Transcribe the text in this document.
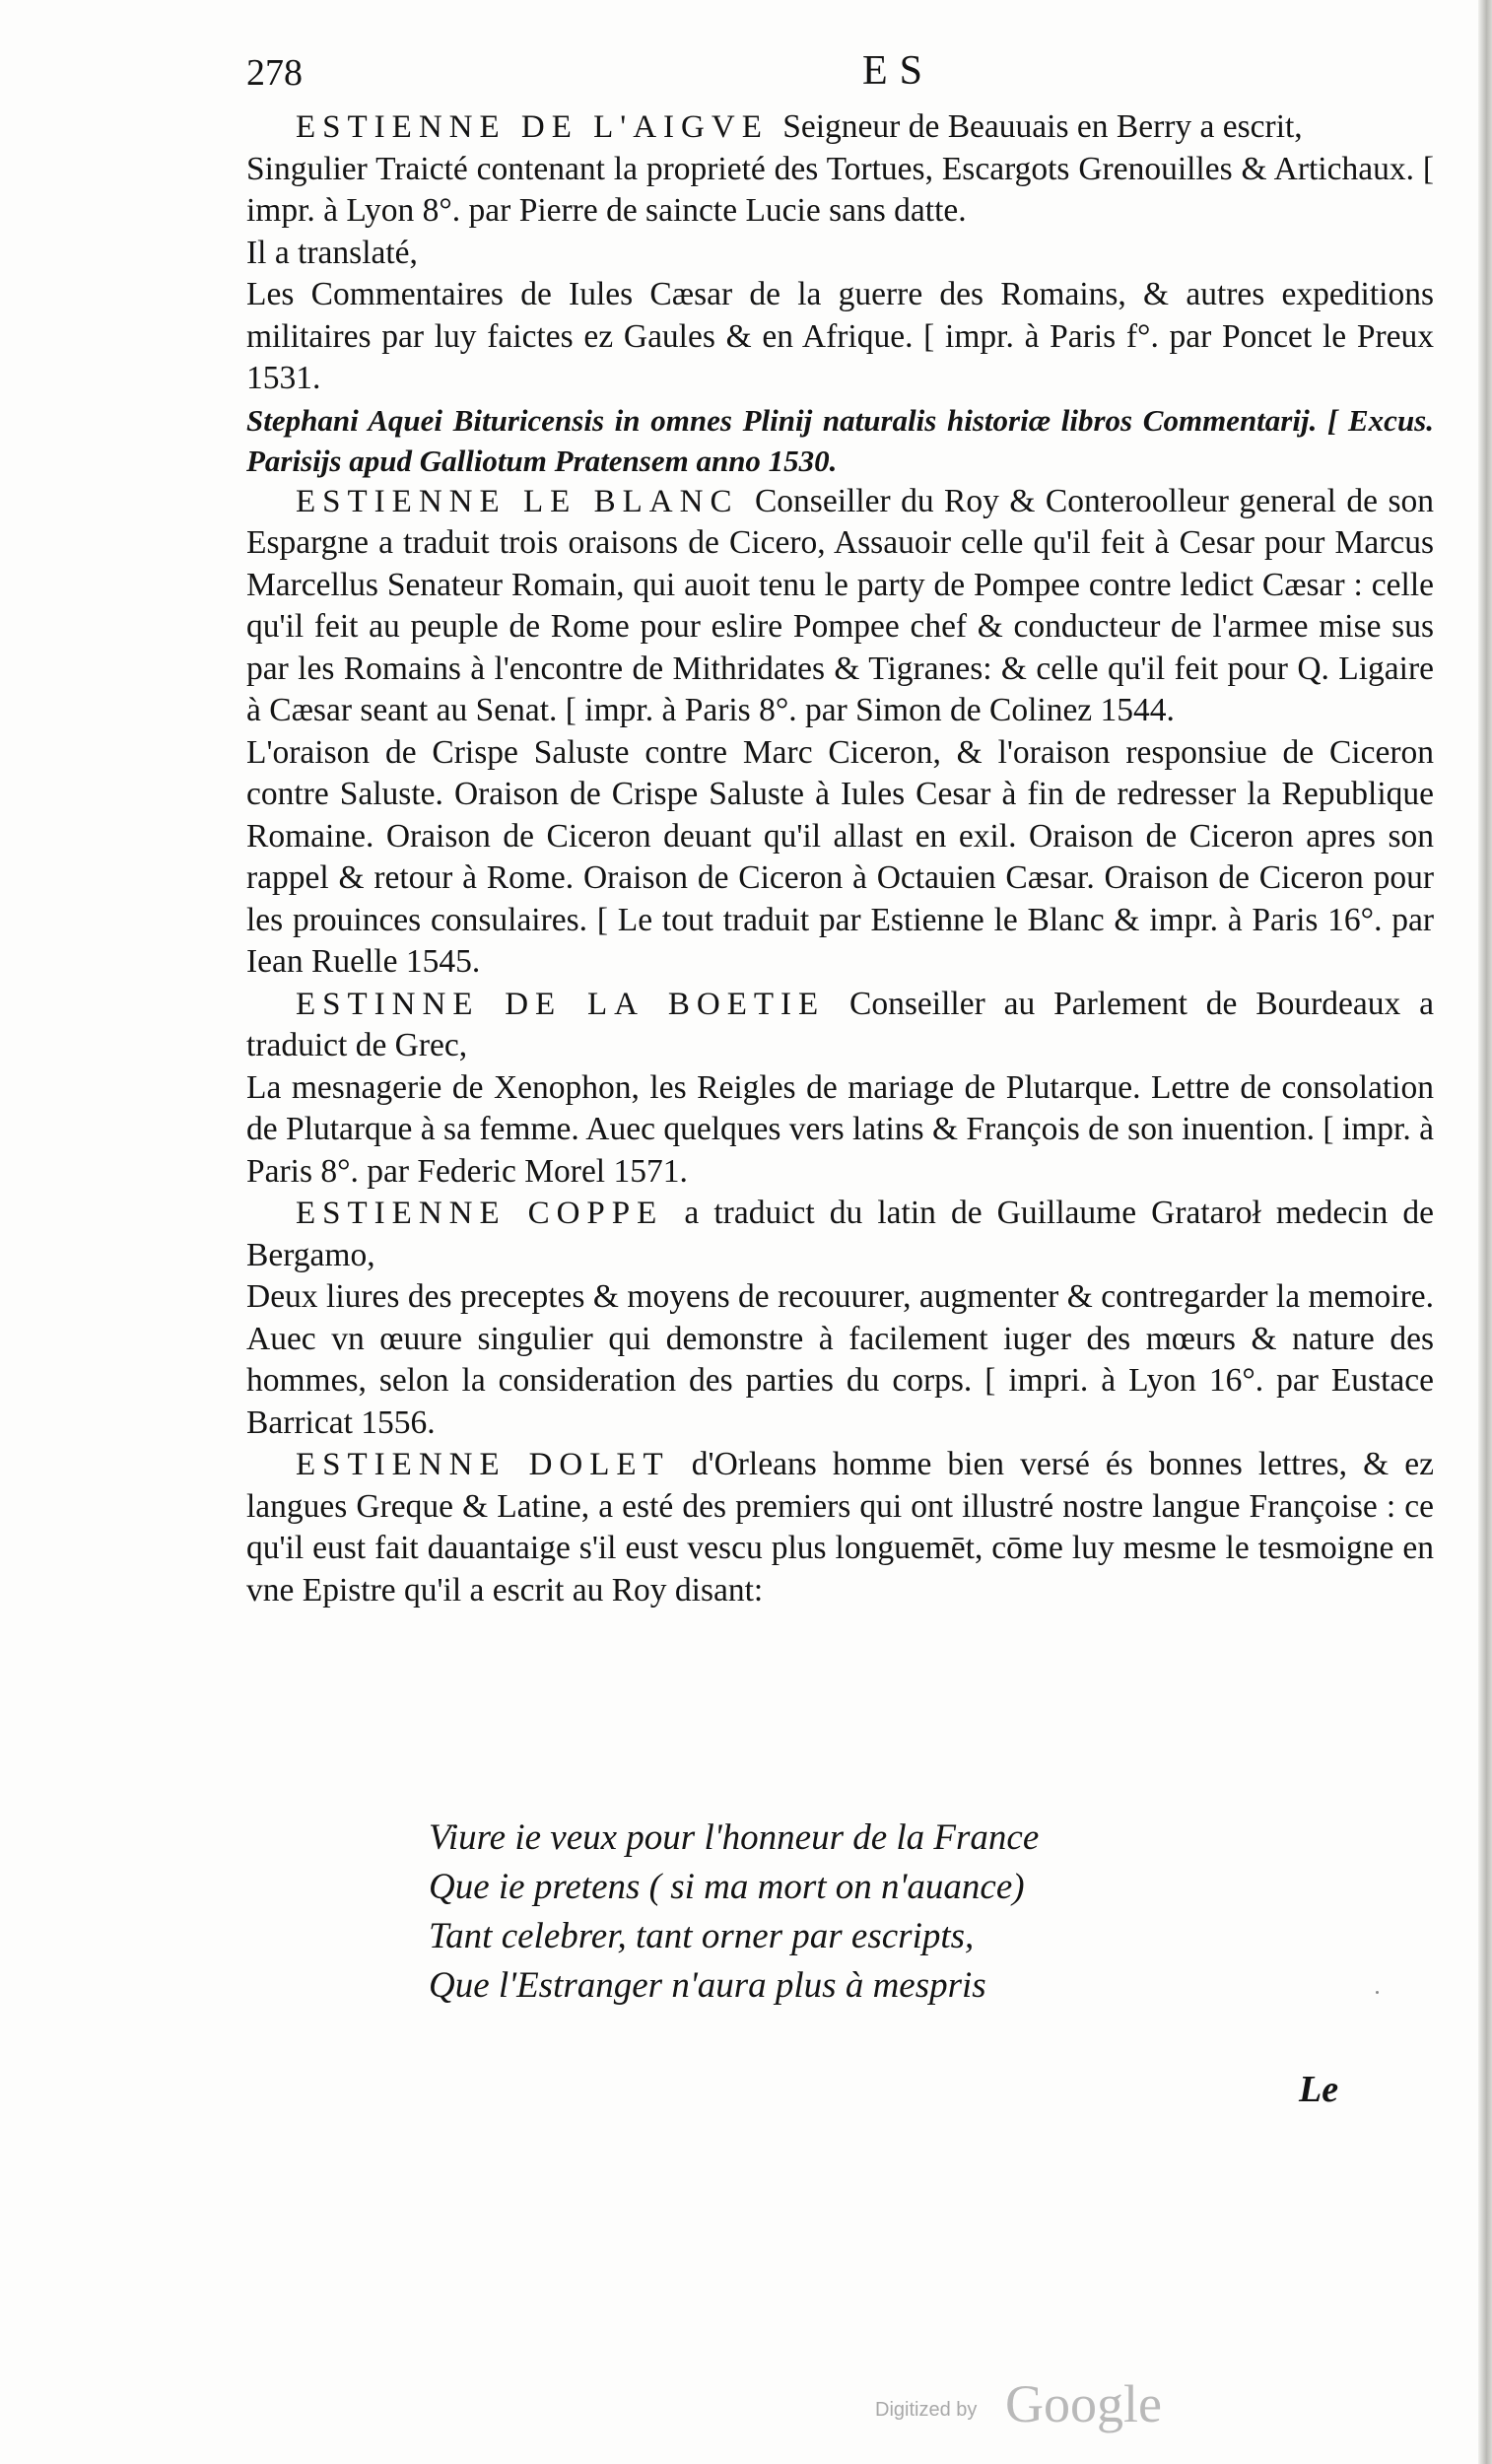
278	ES

ESTIENNE DE L'AIGVE Seigneur de Beauuais en Berry a escrit,

Singulier Traicté contenant la proprieté des Tortues, Escargots Grenouilles & Artichaux. [ impr. à Lyon 8°. par Pierre de saincte Lucie sans datte.

Il a translaté,

Les Commentaires de Iules Cæsar de la guerre des Romains, & autres expeditions militaires par luy faictes ez Gaules & en Afrique. [ impr. à Paris f°. par Poncet le Preux 1531.

Stephani Aquei Bituricensis in omnes Plinij naturalis historiæ libros Commentarij. [ Excus. Parisijs apud Galliotum Pratensem anno 1530.

ESTIENNE LE BLANC Conseiller du Roy & Conteroolleur general de son Espargne a traduit trois oraisons de Cicero, Assauoir celle qu'il feit à Cesar pour Marcus Marcellus Senateur Romain, qui auoit tenu le party de Pompee contre ledict Cæsar : celle qu'il feit au peuple de Rome pour eslire Pompee chef & conducteur de l'armee mise sus par les Romains à l'encontre de Mithridates & Tigranes: & celle qu'il feit pour Q. Ligaire à Cæsar seant au Senat. [ impr. à Paris 8°. par Simon de Colinez 1544.

L'oraison de Crispe Saluste contre Marc Ciceron, & l'oraison responsiue de Ciceron contre Saluste. Oraison de Crispe Saluste à Iules Cesar à fin de redresser la Republique Romaine. Oraison de Ciceron deuant qu'il allast en exil. Oraison de Ciceron apres son rappel & retour à Rome. Oraison de Ciceron à Octauien Cæsar. Oraison de Ciceron pour les prouinces consulaires. [ Le tout traduit par Estienne le Blanc & impr. à Paris 16°. par Iean Ruelle 1545.

ESTINNE DE LA BOETIE Conseiller au Parlement de Bourdeaux a traduict de Grec,

La mesnagerie de Xenophon, les Reigles de mariage de Plutarque. Lettre de consolation de Plutarque à sa femme. Auec quelques vers latins & François de son inuention. [ impr. à Paris 8°. par Federic Morel 1571.

ESTIENNE COPPE a traduict du latin de Guillaume Grataroł medecin de Bergamo,

Deux liures des preceptes & moyens de recouurer, augmenter & contregarder la memoire. Auec vn œuure singulier qui demonstre à facilement iuger des mœurs & nature des hommes, selon la consideration des parties du corps. [ impri. à Lyon 16°. par Eustace Barricat 1556.

ESTIENNE DOLET d'Orleans homme bien versé és bonnes lettres, & ez langues Greque & Latine, a esté des premiers qui ont illustré nostre langue Françoise : ce qu'il eust fait dauantaige s'il eust vescu plus longuemēt, cōme luy mesme le tesmoigne en vne Epistre qu'il a escrit au Roy disant:

Viure ie veux pour l'honneur de la France
Que ie pretens ( si ma mort on n'auance)
Tant celebrer, tant orner par escripts,
Que l'Estranger n'aura plus à mespris
Le
Digitized by Google
